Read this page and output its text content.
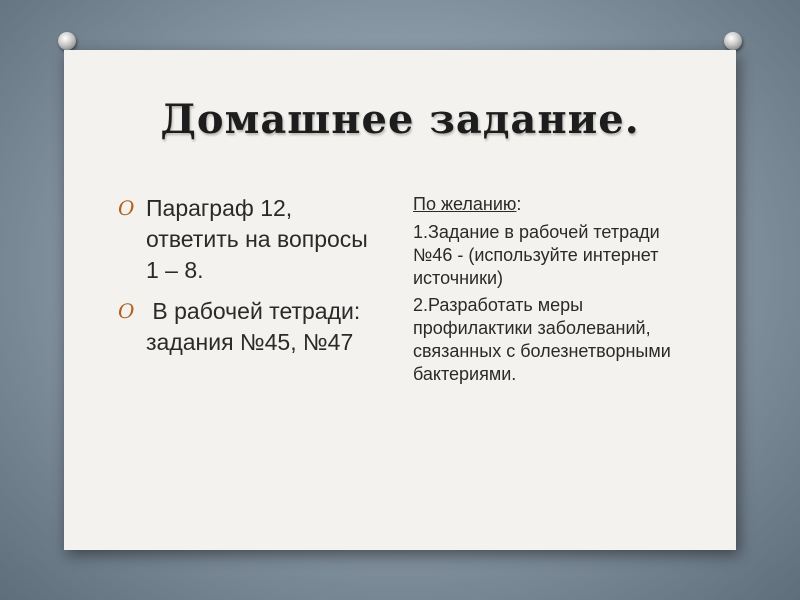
Домашнее задание.
O Параграф 12, ответить на вопросы 1 – 8.
O В рабочей тетради: задания №45, №47
По желанию:
1.Задание в рабочей тетради №46 - (используйте интернет источники)
2.Разработать меры профилактики заболеваний, связанных с болезнетворными бактериями.
